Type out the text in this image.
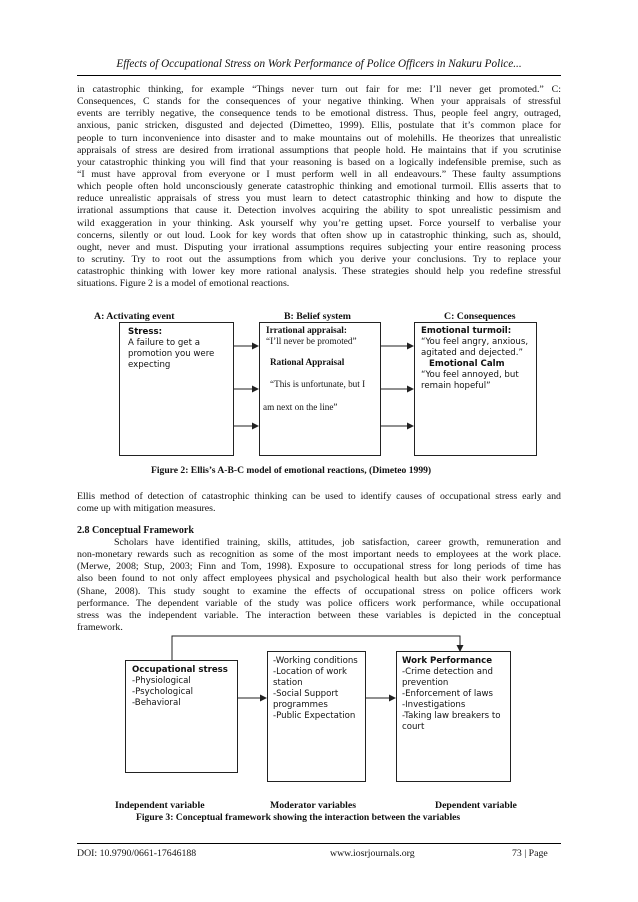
Effects of Occupational Stress on Work Performance of Police Officers in Nakuru Police...
in catastrophic thinking, for example “Things never turn out fair for me: I’ll never get promoted.” C:
Consequences, C stands for the consequences of your negative thinking. When your appraisals of stressful
events are terribly negative, the consequence tends to be emotional distress. Thus, people feel angry, outraged,
anxious, panic stricken, disgusted and dejected (Dimetteo, 1999). Ellis, postulate that it’s common place for
people to turn inconvenience into disaster and to make mountains out of molehills. He theorizes that unrealistic
appraisals of stress are desired from irrational assumptions that people hold. He maintains that if you scrutinise
your catastrophic thinking you will find that your reasoning is based on a logically indefensible premise, such as
“I must have approval from everyone or I must perform well in all endeavours.” These faulty assumptions
which people often hold unconsciously generate catastrophic thinking and emotional turmoil. Ellis asserts that to
reduce unrealistic appraisals of stress you must learn to detect catastrophic thinking and how to dispute the
irrational assumptions that cause it. Detection involves acquiring the ability to spot unrealistic pessimism and
wild exaggeration in your thinking. Ask yourself why you’re getting upset. Force yourself to verbalise your
concerns, silently or out loud. Look for key words that often show up in catastrophic thinking, such as, should,
ought, never and must. Disputing your irrational assumptions requires subjecting your entire reasoning process
to scrutiny. Try to root out the assumptions from which you derive your conclusions. Try to replace your
catastrophic thinking with lower key more rational analysis. These strategies should help you redefine stressful
situations. Figure 2 is a model of emotional reactions.
A: Activating event	B: Belief system	C: Consequences
Stress:
A failure to get a
promotion you were
expecting
Irrational appraisal:
“I’ll never be promoted”
Rational Appraisal
“This is unfortunate, but I
am next on the line”
Emotional turmoil:
“You feel angry, anxious,
agitated and dejected.”
Emotional Calm
“You feel annoyed, but
remain hopeful”
Figure 2: Ellis’s A-B-C model of emotional reactions, (Dimeteo 1999)
Ellis method of detection of catastrophic thinking can be used to identify causes of occupational stress early and
come up with mitigation measures.
2.8 Conceptual Framework
Scholars have identified training, skills, attitudes, job satisfaction, career growth, remuneration and
non-monetary rewards such as recognition as some of the most important needs to employees at the work place.
(Merwe, 2008; Stup, 2003; Finn and Tom, 1998). Exposure to occupational stress for long periods of time has
also been found to not only affect employees physical and psychological health but also their work performance
(Shane, 2008). This study sought to examine the effects of occupational stress on police officers work
performance. The dependent variable of the study was police officers work performance, while occupational
stress was the independent variable. The interaction between these variables is depicted in the conceptual
framework.
Occupational stress
-Physiological
-Psychological
-Behavioral
-Working conditions
-Location of work
station
-Social Support
programmes
-Public Expectation
Work Performance
-Crime detection and
prevention
-Enforcement of laws
-Investigations
-Taking law breakers to
court
Independent variable	Moderator variables	Dependent variable
Figure 3: Conceptual framework showing the interaction between the variables
DOI: 10.9790/0661-17646188	www.iosrjournals.org	73 | Page
